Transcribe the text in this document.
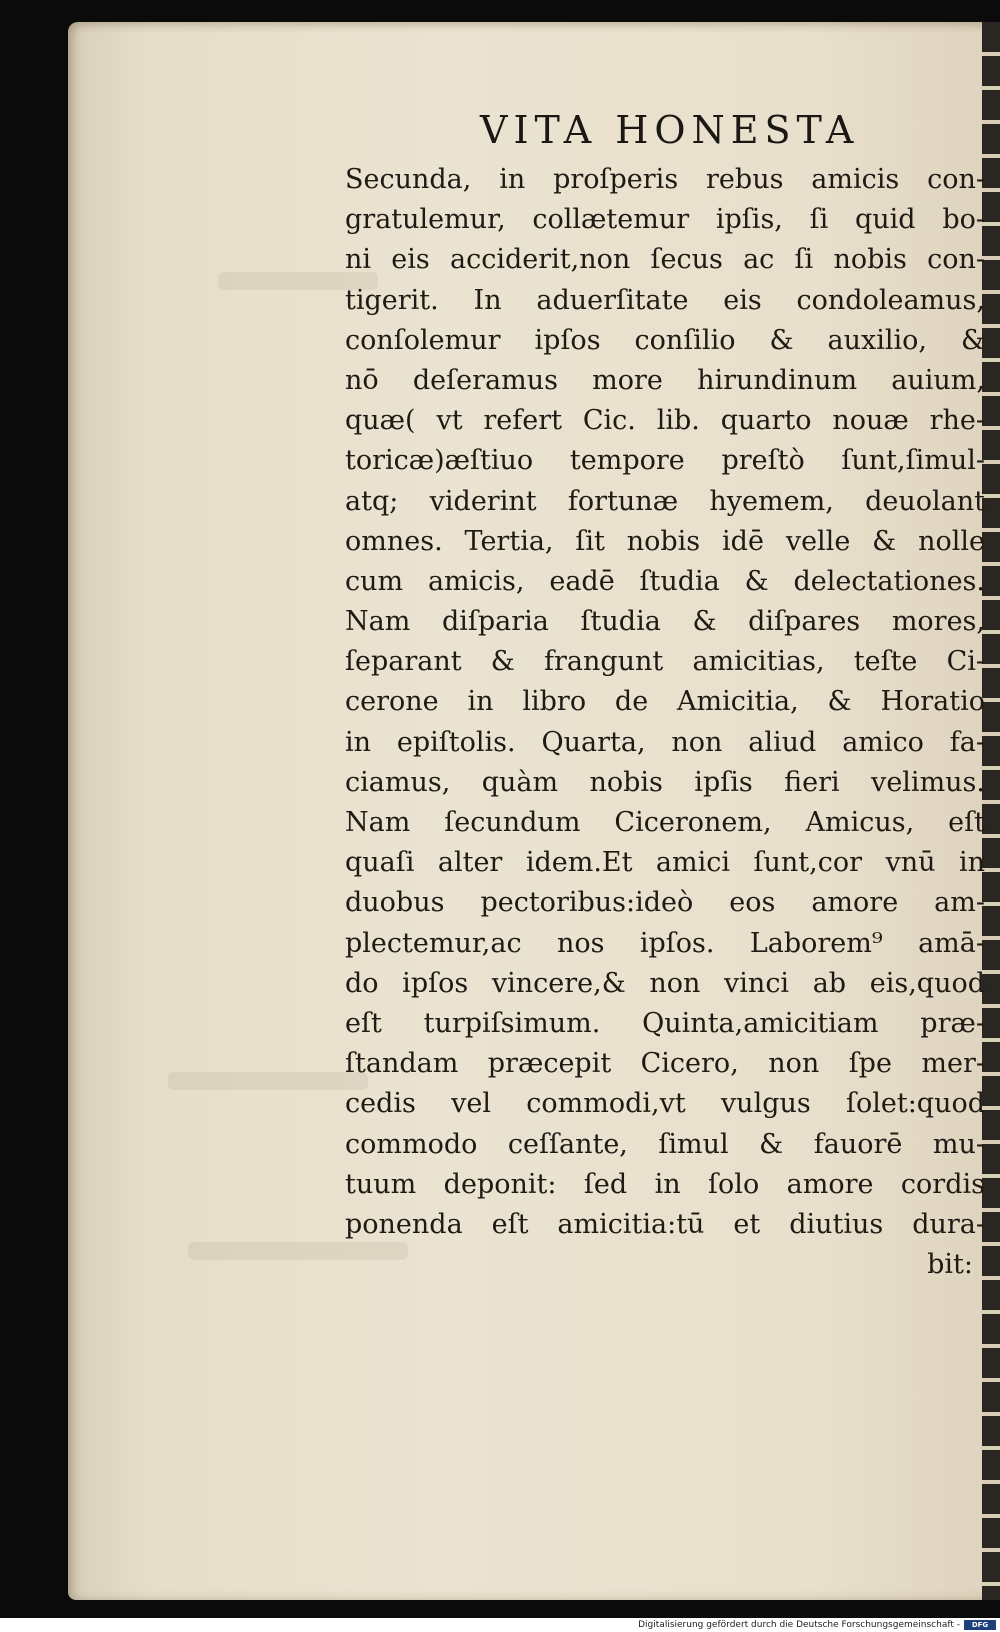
VITA HONESTA
Secunda, in proſperis rebus amicis con-
gratulemur, collætemur ipſis, ſi quid bo-
ni eis acciderit,non ſecus ac ſi nobis con-
tigerit. In aduerſitate eis condoleamus,
conſolemur ipſos conſilio & auxilio, &
nō deſeramus more hirundinum auium,
quæ( vt refert Cic. lib. quarto nouæ rhe-
toricæ)æſtiuo tempore preſtò ſunt,ſimul-
atq; viderint fortunæ hyemem, deuolant
omnes. Tertia, ſit nobis idē velle & nolle
cum amicis, eadē ſtudia & delectationes.
Nam diſparia ſtudia & diſpares mores,
ſeparant & frangunt amicitias, teſte Ci-
cerone in libro de Amicitia, & Horatio
in epiſtolis. Quarta, non aliud amico fa-
ciamus, quàm nobis ipſis fieri velimus.
Nam ſecundum Ciceronem, Amicus, eſt
quaſi alter idem.Et amici ſunt,cor vnū in
duobus pectoribus:ideò eos amore am-
plectemur,ac nos ipſos. Laborem⁹ amā-
do ipſos vincere,& non vinci ab eis,quod
eſt turpiſsimum. Quinta,amicitiam præ-
ſtandam præcepit Cicero, non ſpe mer-
cedis vel commodi,vt vulgus ſolet:quod
commodo ceſſante, ſimul & fauorē mu-
tuum deponit: ſed in ſolo amore cordis
ponenda eſt amicitia:tū et diutius dura-
bit:
Digitalisierung gefördert durch die Deutsche Forschungsgemeinschaft -	DFG
